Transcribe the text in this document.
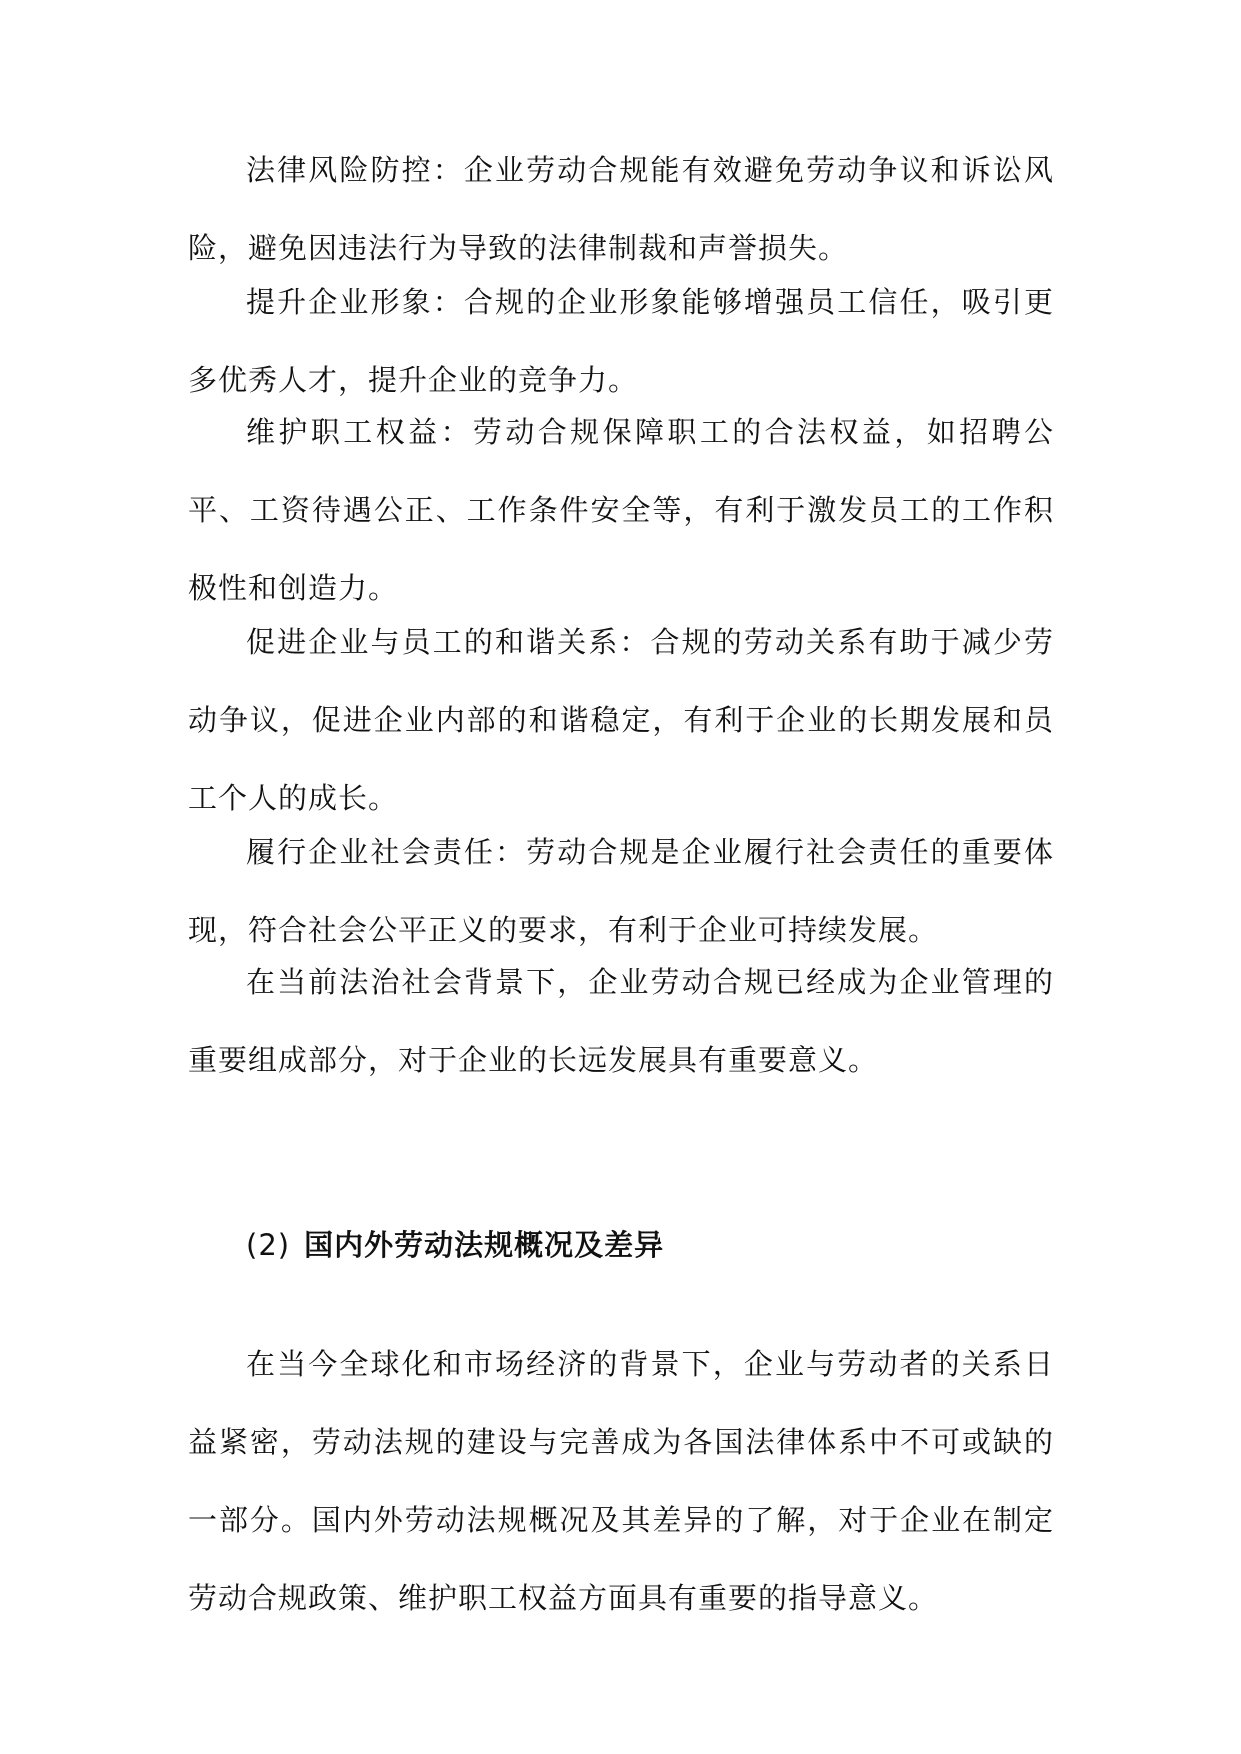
法律风险防控：企业劳动合规能有效避免劳动争议和诉讼风险，避免因违法行为导致的法律制裁和声誉损失。

提升企业形象：合规的企业形象能够增强员工信任，吸引更多优秀人才，提升企业的竞争力。

维护职工权益：劳动合规保障职工的合法权益，如招聘公平、工资待遇公正、工作条件安全等，有利于激发员工的工作积极性和创造力。

促进企业与员工的和谐关系：合规的劳动关系有助于减少劳动争议，促进企业内部的和谐稳定，有利于企业的长期发展和员工个人的成长。

履行企业社会责任：劳动合规是企业履行社会责任的重要体现，符合社会公平正义的要求，有利于企业可持续发展。

在当前法治社会背景下，企业劳动合规已经成为企业管理的重要组成部分，对于企业的长远发展具有重要意义。

(2) 国内外劳动法规概况及差异

在当今全球化和市场经济的背景下，企业与劳动者的关系日益紧密，劳动法规的建设与完善成为各国法律体系中不可或缺的一部分。国内外劳动法规概况及其差异的了解，对于企业在制定劳动合规政策、维护职工权益方面具有重要的指导意义。
